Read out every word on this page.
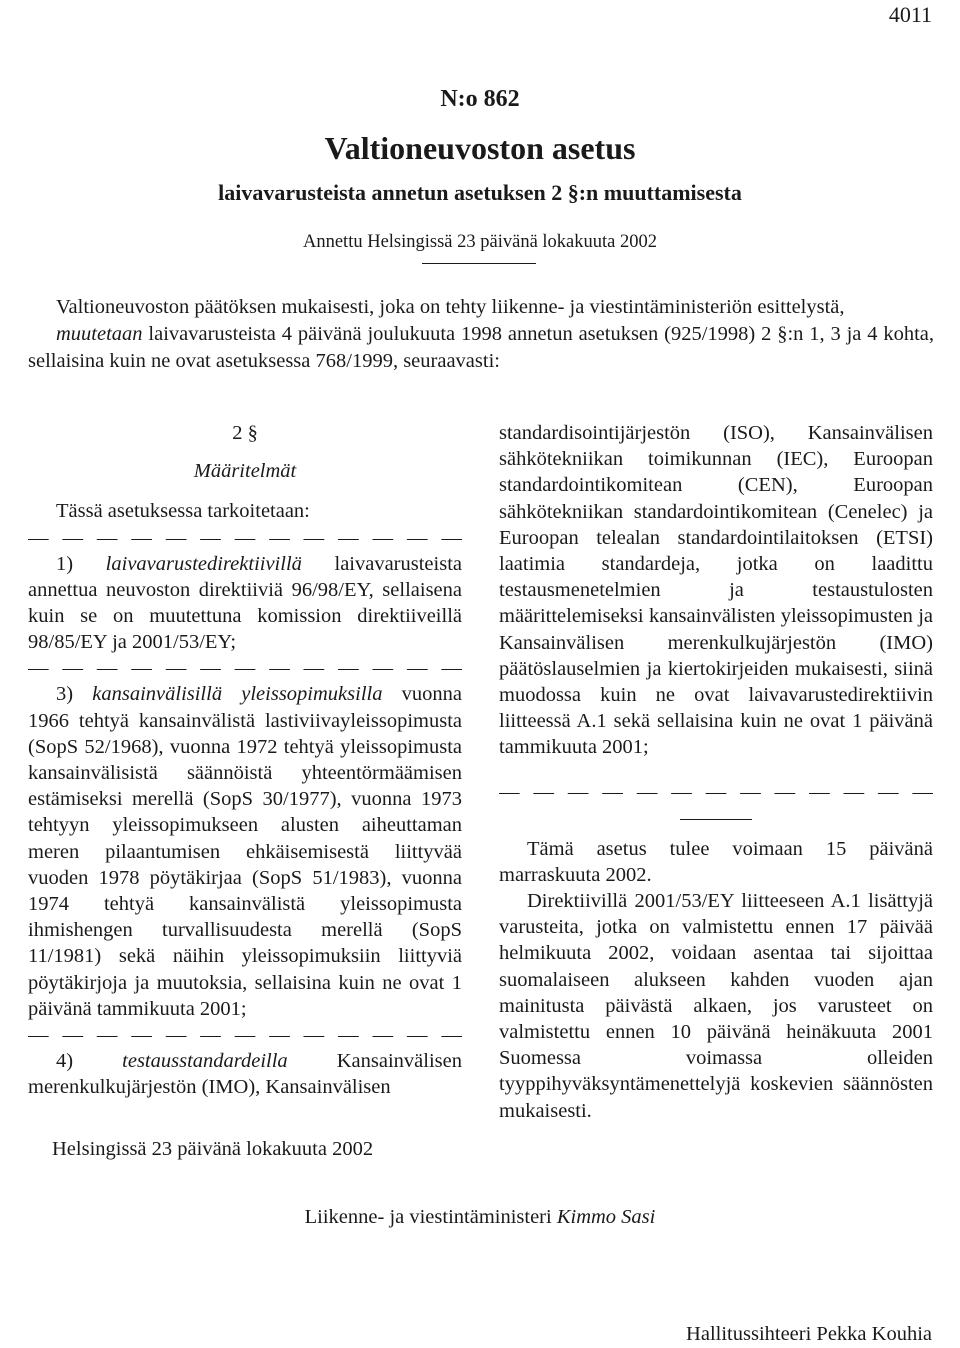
4011
N:o 862
Valtioneuvoston asetus
laivavarusteista annetun asetuksen 2 §:n muuttamisesta
Annettu Helsingissä 23 päivänä lokakuuta 2002

Valtioneuvoston päätöksen mukaisesti, joka on tehty liikenne- ja viestintäministeriön esittelystä,

muutetaan laivavarusteista 4 päivänä joulukuuta 1998 annetun asetuksen (925/1998) 2 §:n 1, 3 ja 4 kohta, sellaisina kuin ne ovat asetuksessa 768/1999, seuraavasti:

2 §

Määritelmät

Tässä asetuksessa tarkoitetaan:

— — — — — — — — — — — — —

1) laivavarustedirektiivillä laivavarusteista annettua neuvoston direktiiviä 96/98/EY, sellaisena kuin se on muutettuna komission direktiiveillä 98/85/EY ja 2001/53/EY;

— — — — — — — — — — — — —

3) kansainvälisillä yleissopimuksilla vuonna 1966 tehtyä kansainvälistä lastiviivayleissopimusta (SopS 52/1968), vuonna 1972 tehtyä yleissopimusta kansainvälisistä säännöistä yhteentörmäämisen estämiseksi merellä (SopS 30/1977), vuonna 1973 tehtyyn yleissopimukseen alusten aiheuttaman meren pilaantumisen ehkäisemisestä liittyvää vuoden 1978 pöytäkirjaa (SopS 51/1983), vuonna 1974 tehtyä kansainvälistä yleissopimusta ihmishengen turvallisuudesta merellä (SopS 11/1981) sekä näihin yleissopimuksiin liittyviä pöytäkirjoja ja muutoksia, sellaisina kuin ne ovat 1 päivänä tammikuuta 2001;

— — — — — — — — — — — — —

4) testausstandardeilla Kansainvälisen merenkulkujärjestön (IMO), Kansainvälisen

standardisointijärjestön (ISO), Kansainvälisen sähkötekniikan toimikunnan (IEC), Euroopan standardointikomitean (CEN), Euroopan sähkötekniikan standardointikomitean (Cenelec) ja Euroopan telealan standardointilaitoksen (ETSI) laatimia standardeja, jotka on laadittu testausmenetelmien ja testaustulosten määrittelemiseksi kansainvälisten yleissopimusten ja Kansainvälisen merenkulkujärjestön (IMO) päätöslauselmien ja kiertokirjeiden mukaisesti, siinä muodossa kuin ne ovat laivavarustedirektiivin liitteessä A.1 sekä sellaisina kuin ne ovat 1 päivänä tammikuuta 2001;

— — — — — — — — — — — — —

Tämä asetus tulee voimaan 15 päivänä marraskuuta 2002.

Direktiivillä 2001/53/EY liitteeseen A.1 lisättyjä varusteita, jotka on valmistettu ennen 17 päivää helmikuuta 2002, voidaan asentaa tai sijoittaa suomalaiseen alukseen kahden vuoden ajan mainitusta päivästä alkaen, jos varusteet on valmistettu ennen 10 päivänä heinäkuuta 2001 Suomessa voimassa olleiden tyyppihyväksyntämenettelyjä koskevien säännösten mukaisesti.

Helsingissä 23 päivänä lokakuuta 2002
Liikenne- ja viestintäministeri Kimmo Sasi
Hallitussihteeri Pekka Kouhia
